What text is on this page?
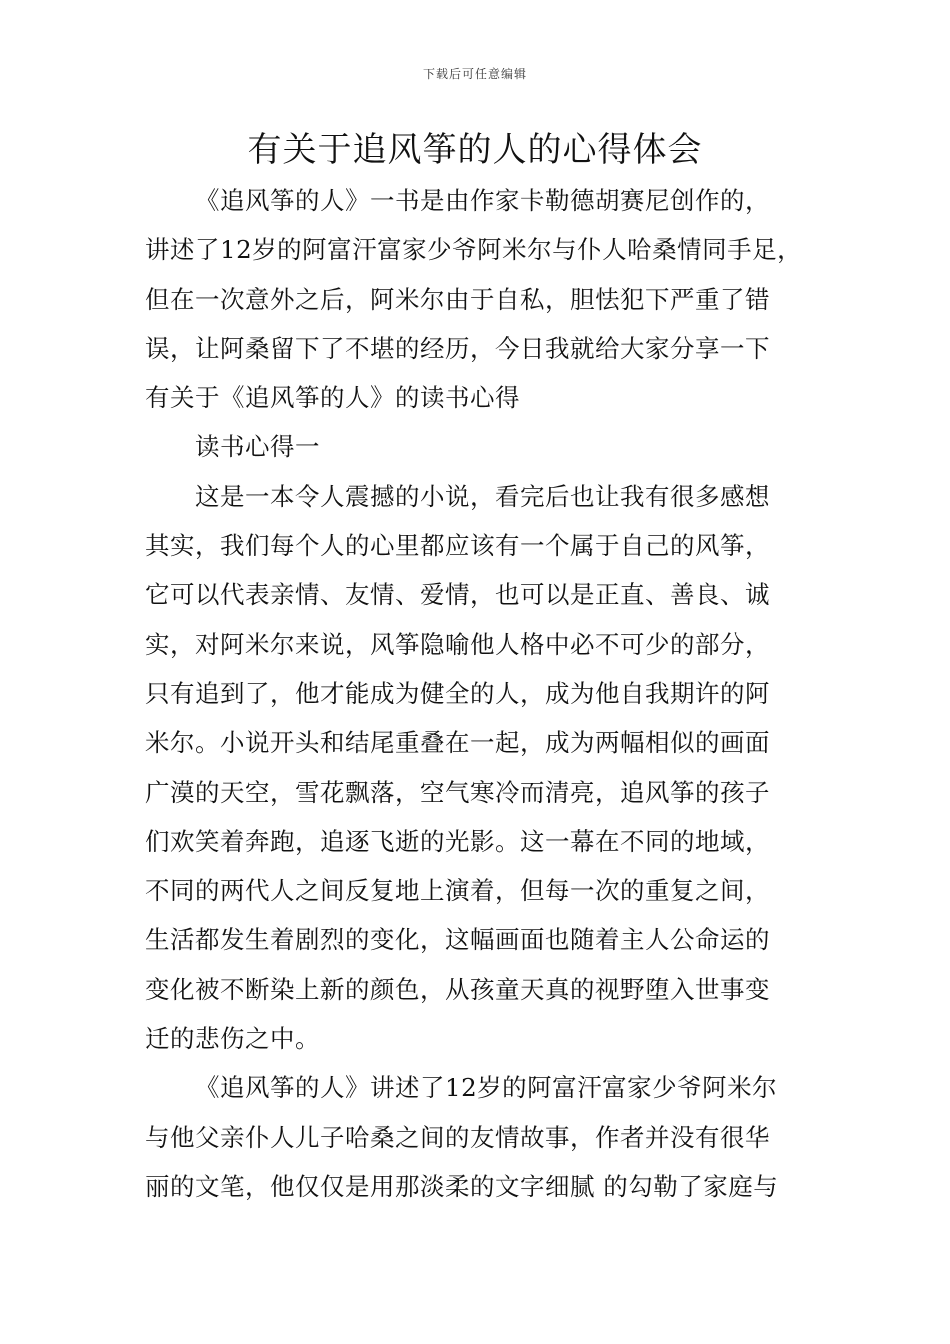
下载后可任意编辑
有关于追风筝的人的心得体会
《追风筝的人》一书是由作家卡勒德胡赛尼创作的，
讲述了12岁的阿富汗富家少爷阿米尔与仆人哈桑情同手足，
但在一次意外之后，阿米尔由于自私，胆怯犯下严重了错
误，让阿桑留下了不堪的经历，今日我就给大家分享一下
有关于《追风筝的人》的读书心得
读书心得一
这是一本令人震撼的小说，看完后也让我有很多感想
其实，我们每个人的心里都应该有一个属于自己的风筝，
它可以代表亲情、友情、爱情，也可以是正直、善良、诚
实，对阿米尔来说，风筝隐喻他人格中必不可少的部分，
只有追到了，他才能成为健全的人，成为他自我期许的阿
米尔。小说开头和结尾重叠在一起，成为两幅相似的画面
广漠的天空，雪花飘落，空气寒冷而清亮，追风筝的孩子
们欢笑着奔跑，追逐飞逝的光影。这一幕在不同的地域，
不同的两代人之间反复地上演着，但每一次的重复之间，
生活都发生着剧烈的变化，这幅画面也随着主人公命运的
变化被不断染上新的颜色，从孩童天真的视野堕入世事变
迁的悲伤之中。
《追风筝的人》讲述了12岁的阿富汗富家少爷阿米尔
与他父亲仆人儿子哈桑之间的友情故事，作者并没有很华
丽的文笔，他仅仅是用那淡柔的文字细腻 的勾勒了家庭与
